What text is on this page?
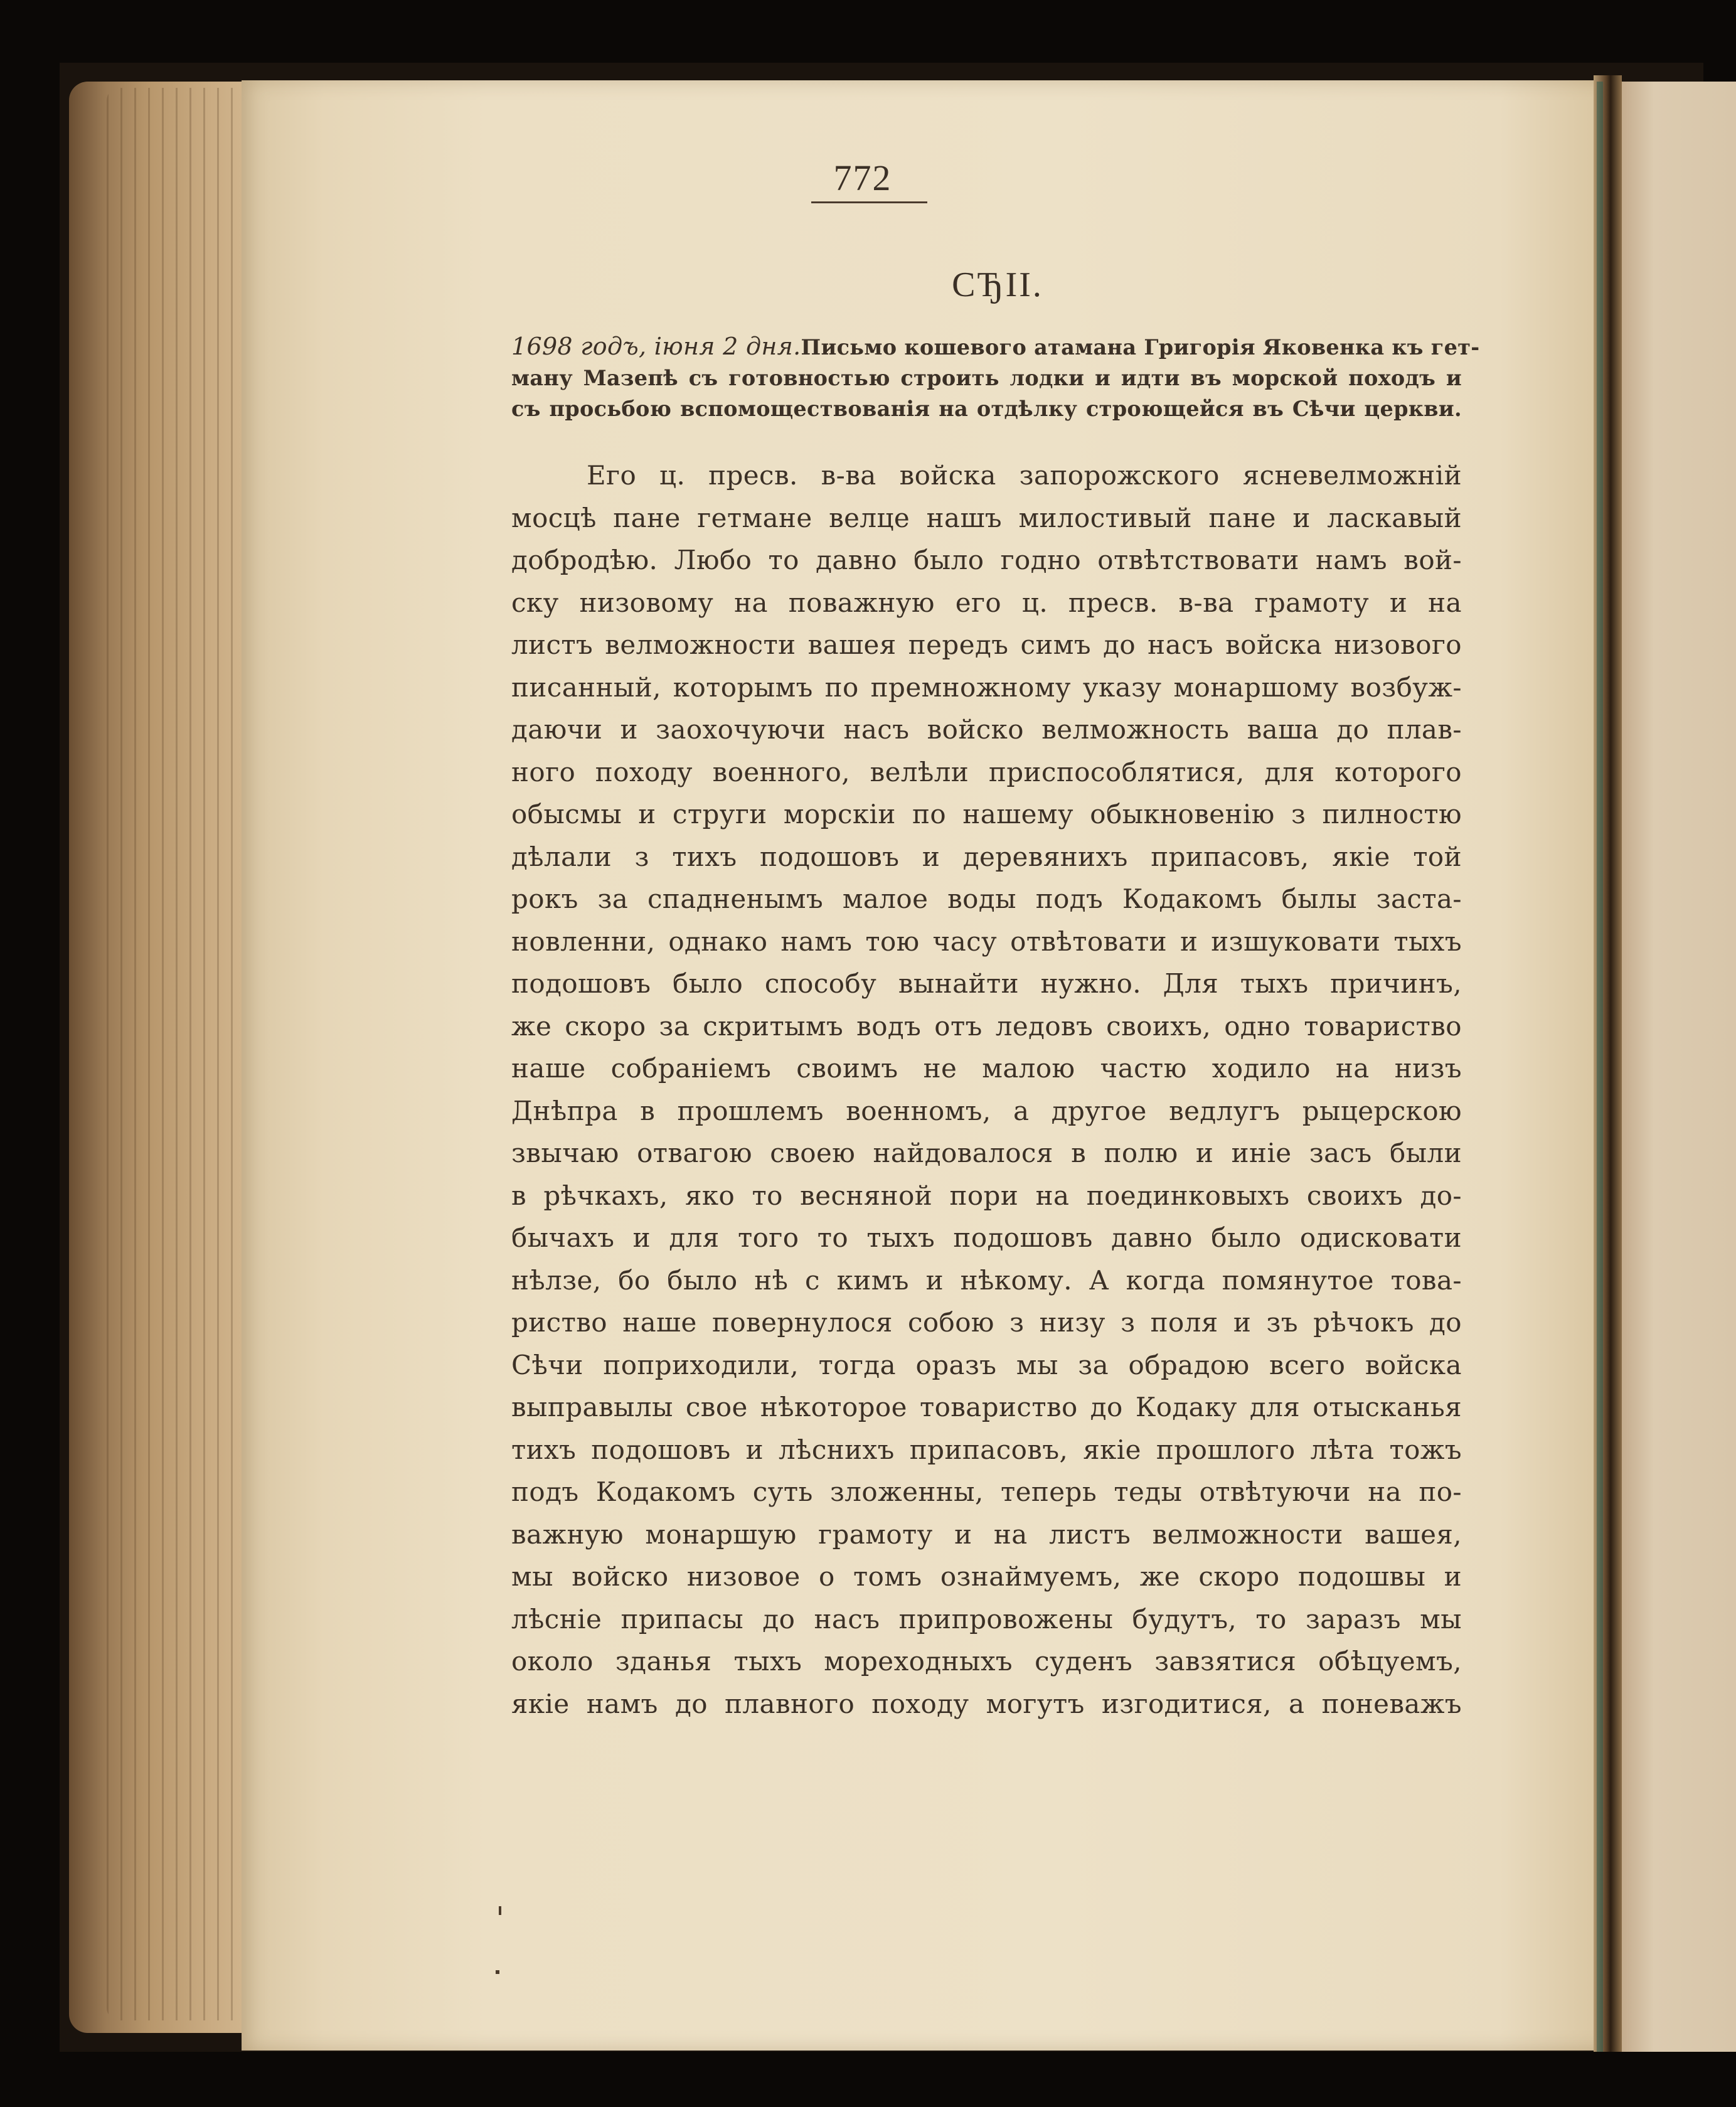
772
СЂII.
1698 годъ, іюня 2 дня.Письмо кошевого атамана Григорія Яковенка къ гет-
ману Мазепѣ съ готовностью строить лодки и идти въ морской походъ и
съ просьбою вспомоществованія на отдѣлку строющейся въ Сѣчи церкви.
Его ц. пресв. в-ва войска запорожского ясневелможній
мосцѣ пане гетмане велце нашъ милостивый пане и ласкавый
добродѣю. Любо то давно было годно отвѣтствовати намъ вой-
ску низовому на поважную его ц. пресв. в-ва грамоту и на
листъ велможности вашея передъ симъ до насъ войска низового
писанный, которымъ по премножному указу монаршому возбуж-
даючи и заохочуючи насъ войско велможность ваша до плав-
ного походу военного, велѣли приспособлятися, для которого
обысмы и струги морскіи по нашему обыкновенію з пилностю
дѣлали з тихъ подошовъ и деревянихъ припасовъ, якіе той
рокъ за спадненымъ малое воды подъ Кодакомъ былы заста-
новленни, однако намъ тою часу отвѣтовати и изшуковати тыхъ
подошовъ было способу вынайти нужно. Для тыхъ причинъ,
же скоро за скритымъ водъ отъ ледовъ своихъ, одно товариство
наше собраніемъ своимъ не малою частю ходило на низъ
Днѣпра в прошлемъ военномъ, а другое ведлугъ рыцерскою
звычаю отвагою своею найдовалося в полю и иніе засъ были
в рѣчкахъ, яко то весняной пори на поединковыхъ своихъ до-
бычахъ и для того то тыхъ подошовъ давно было одисковати
нѣлзе, бо было нѣ с кимъ и нѣкому. А когда помянутое това-
риство наше повернулося собою з низу з поля и зъ рѣчокъ до
Сѣчи поприходили, тогда оразъ мы за обрадою всего войска
выправылы свое нѣкоторое товариство до Кодаку для отысканья
тихъ подошовъ и лѣснихъ припасовъ, якіе прошлого лѣта тожъ
подъ Кодакомъ суть зложенны, теперь теды отвѣтуючи на по-
важную монаршую грамоту и на листъ велможности вашея,
мы войско низовое о томъ ознаймуемъ, же скоро подошвы и
лѣсніе припасы до насъ припровожены будутъ, то заразъ мы
около зданья тыхъ мореходныхъ суденъ завзятися обѣцуемъ,
якіе намъ до плавного походу могутъ изгодитися, а поневажъ
